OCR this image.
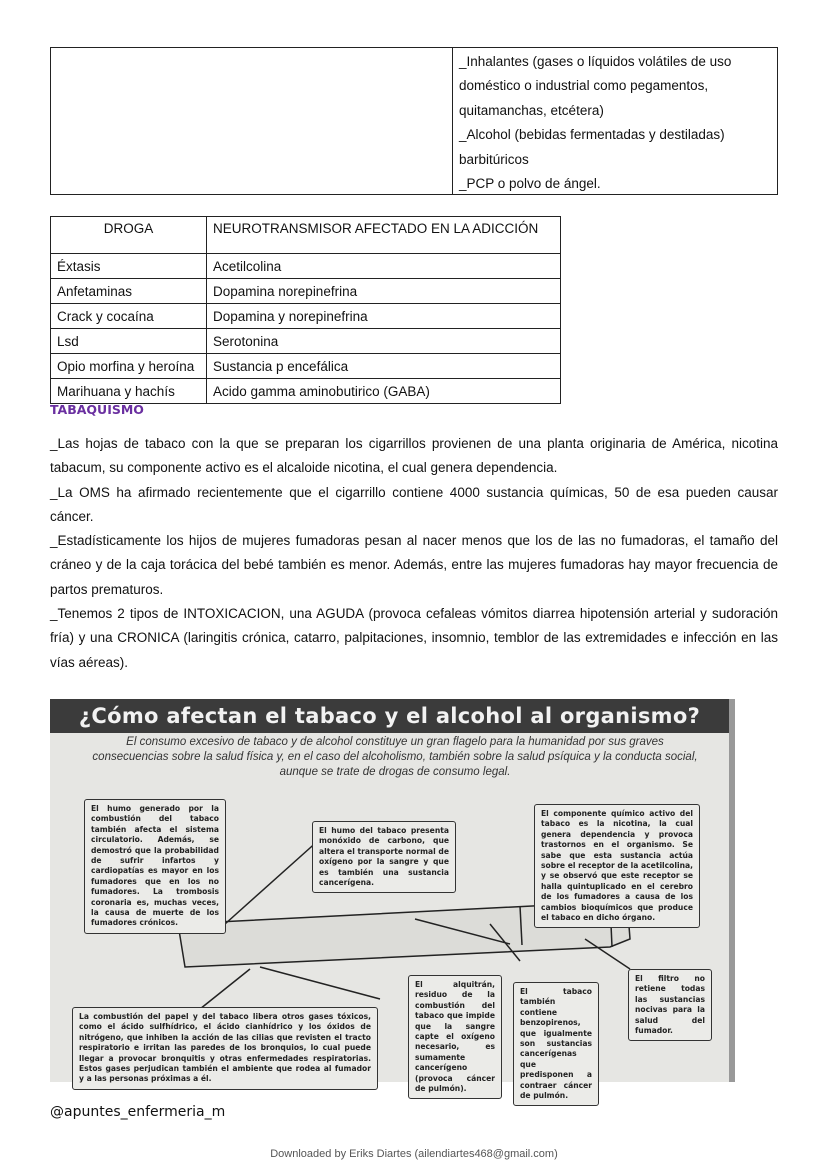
_Inhalantes (gases o líquidos volátiles de uso
doméstico o industrial como pegamentos,
quitamanchas, etcétera)
_Alcohol (bebidas fermentadas y destiladas)
barbitúricos
_PCP o polvo de ángel.
DROGA	NEUROTRANSMISOR AFECTADO EN LA ADICCIÓN
Éxtasis	Acetilcolina
Anfetaminas	Dopamina norepinefrina
Crack y cocaína	Dopamina y norepinefrina
Lsd	Serotonina
Opio morfina y heroína	Sustancia p encefálica
Marihuana y hachís	Acido gamma aminobutirico (GABA)
TABAQUISMO

_Las hojas de tabaco con la que se preparan los cigarrillos provienen de una planta originaria de América, nicotina tabacum, su componente activo es el alcaloide nicotina, el cual genera dependencia.

_La OMS ha afirmado recientemente que el cigarrillo contiene 4000 sustancia químicas, 50 de esa pueden causar cáncer.

_Estadísticamente los hijos de mujeres fumadoras pesan al nacer menos que los de las no fumadoras, el tamaño del cráneo y de la caja torácica del bebé también es menor. Además, entre las mujeres fumadoras hay mayor frecuencia de partos prematuros.

_Tenemos 2 tipos de INTOXICACION, una AGUDA (provoca cefaleas vómitos diarrea hipotensión arterial y sudoración fría) y una CRONICA (laringitis crónica, catarro, palpitaciones, insomnio, temblor de las extremidades e infección en las vías aéreas).

¿Cómo afectan el tabaco y el alcohol al organismo?
El consumo excesivo de tabaco y de alcohol constituye un gran flagelo para la humanidad por sus graves consecuencias sobre la salud física y, en el caso del alcoholismo, también sobre la salud psíquica y la conducta social, aunque se trate de drogas de consumo legal.
El humo generado por la combustión del tabaco también afecta el sistema circulatorio. Además, se demostró que la probabilidad de sufrir infartos y cardiopatías es mayor en los fumadores que en los no fumadores. La trombosis coronaria es, muchas veces, la causa de muerte de los fumadores crónicos.
El humo del tabaco presenta monóxido de carbono, que altera el transporte normal de oxígeno por la sangre y que es también una sustancia cancerígena.
El componente químico activo del tabaco es la nicotina, la cual genera dependencia y provoca trastornos en el organismo. Se sabe que esta sustancia actúa sobre el receptor de la acetilcolina, y se observó que este receptor se halla quintuplicado en el cerebro de los fumadores a causa de los cambios bioquímicos que produce el tabaco en dicho órgano.
La combustión del papel y del tabaco libera otros gases tóxicos, como el ácido sulfhídrico, el ácido cianhídrico y los óxidos de nitrógeno, que inhiben la acción de las cilias que revisten el tracto respiratorio e irritan las paredes de los bronquios, lo cual puede llegar a provocar bronquitis y otras enfermedades respiratorias. Estos gases perjudican también el ambiente que rodea al fumador y a las personas próximas a él.
El alquitrán, residuo de la combustión del tabaco que impide que la sangre capte el oxígeno necesario, es sumamente cancerígeno (provoca cáncer de pulmón).
El tabaco también contiene benzopirenos, que igualmente son sustancias cancerígenas que predisponen a contraer cáncer de pulmón.
El filtro no retiene todas las sustancias nocivas para la salud del fumador.
@apuntes_enfermeria_m
Downloaded by Eriks Diartes (ailendiartes468@gmail.com)
